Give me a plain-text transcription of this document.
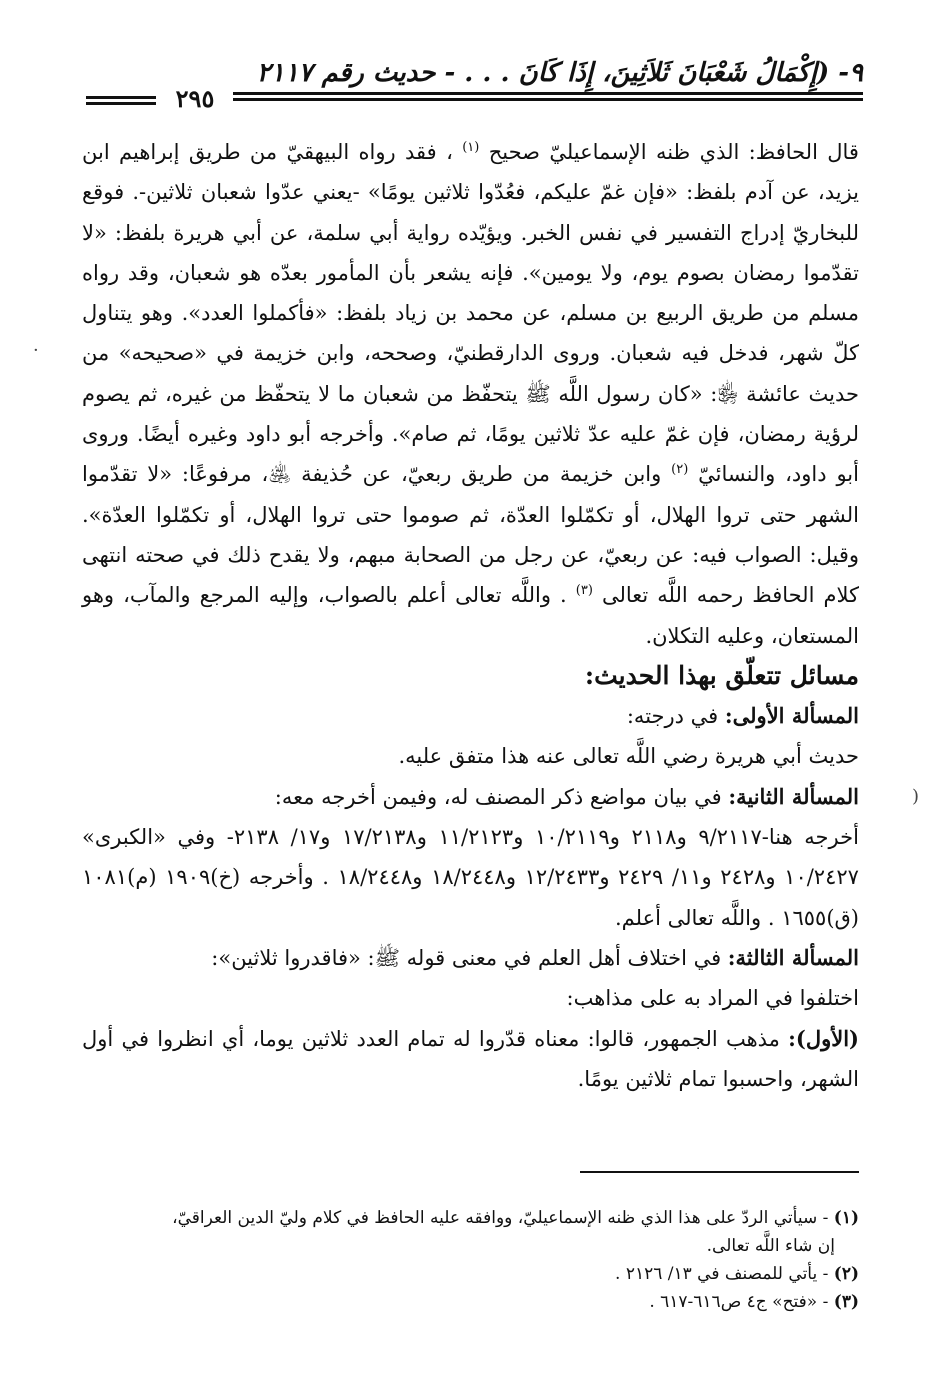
٩- (إِكْمَالُ شَعْبَانَ ثَلاَثِينَ، إِذَا كَانَ . . . - حديث رقم ٢١١٧
٢٩٥

قال الحافظ: الذي ظنه الإسماعيليّ صحيح $^{(١)}$ ، فقد رواه البيهقيّ من طريق إبراهيم ابن يزيد، عن آدم بلفظ: «فإن غمّ عليكم، فعُدّوا ثلاثين يومًا» -يعني عدّوا شعبان ثلاثين-. فوقع للبخاريّ إدراج التفسير في نفس الخبر. ويؤيّده رواية أبي سلمة، عن أبي هريرة بلفظ: «لا تقدّموا رمضان بصوم يوم، ولا يومين». فإنه يشعر بأن المأمور بعدّه هو شعبان، وقد رواه مسلم من طريق الربيع بن مسلم، عن محمد بن زياد بلفظ: «فأكملوا العدد». وهو يتناول كلّ شهر، فدخل فيه شعبان. وروى الدارقطنيّ، وصححه، وابن خزيمة في «صحيحه» من حديث عائشة ﵂: «كان رسول اللَّه ﷺ يتحفّظ من شعبان ما لا يتحفّظ من غيره، ثم يصوم لرؤية رمضان، فإن غمّ عليه عدّ ثلاثين يومًا، ثم صام». وأخرجه أبو داود وغيره أيضًا. وروى أبو داود، والنسائيّ $^{(٢)}$ وابن خزيمة من طريق ربعيّ، عن حُذيفة ﵁، مرفوعًا: «لا تقدّموا الشهر حتى تروا الهلال، أو تكمّلوا العدّة، ثم صوموا حتى تروا الهلال، أو تكمّلوا العدّة». وقيل: الصواب فيه: عن ربعيّ، عن رجل من الصحابة مبهم، ولا يقدح ذلك في صحته انتهى كلام الحافظ رحمه اللَّه تعالى $^{(٣)}$ . واللَّه تعالى أعلم بالصواب، وإليه المرجع والمآب، وهو المستعان، وعليه التكلان.

مسائل تتعلّق بهذا الحديث:

المسألة الأولى: في درجته:

حديث أبي هريرة رضي اللَّه تعالى عنه هذا متفق عليه.

المسألة الثانية: في بيان مواضع ذكر المصنف له، وفيمن أخرجه معه:

أخرجه هنا-٩/٢١١٧ و٢١١٨ و١٠/٢١١٩ و١١/٢١٢٣ و١٧/٢١٣٨ و١٧/ ٢١٣٨- وفي «الكبرى» ١٠/٢٤٢٧ و٢٤٢٨ و١١/ ٢٤٢٩ و١٢/٢٤٣٣ و١٨/٢٤٤٨ و١٨/٢٤٤٨ . وأخرجه (خ)١٩٠٩ (م)١٠٨١ (ق)١٦٥٥ . واللَّه تعالى أعلم.

المسألة الثالثة: في اختلاف أهل العلم في معنى قوله ﷺ: «فاقدروا ثلاثين»:

اختلفوا في المراد به على مذاهب:

(الأول): مذهب الجمهور، قالوا: معناه قدّروا له تمام العدد ثلاثين يوما، أي انظروا في أول الشهر، واحسبوا تمام ثلاثين يومًا.

(١) - سيأتي الردّ على هذا الذي ظنه الإسماعيليّ، ووافقه عليه الحافظ في كلام وليّ الدين العراقيّ،

إن شاء اللَّه تعالى.

(٢) - يأتي للمصنف في ١٣/ ٢١٢٦ .

(٣) - «فتح» ج٤ ص٦١٦-٦١٧ .

·
(
